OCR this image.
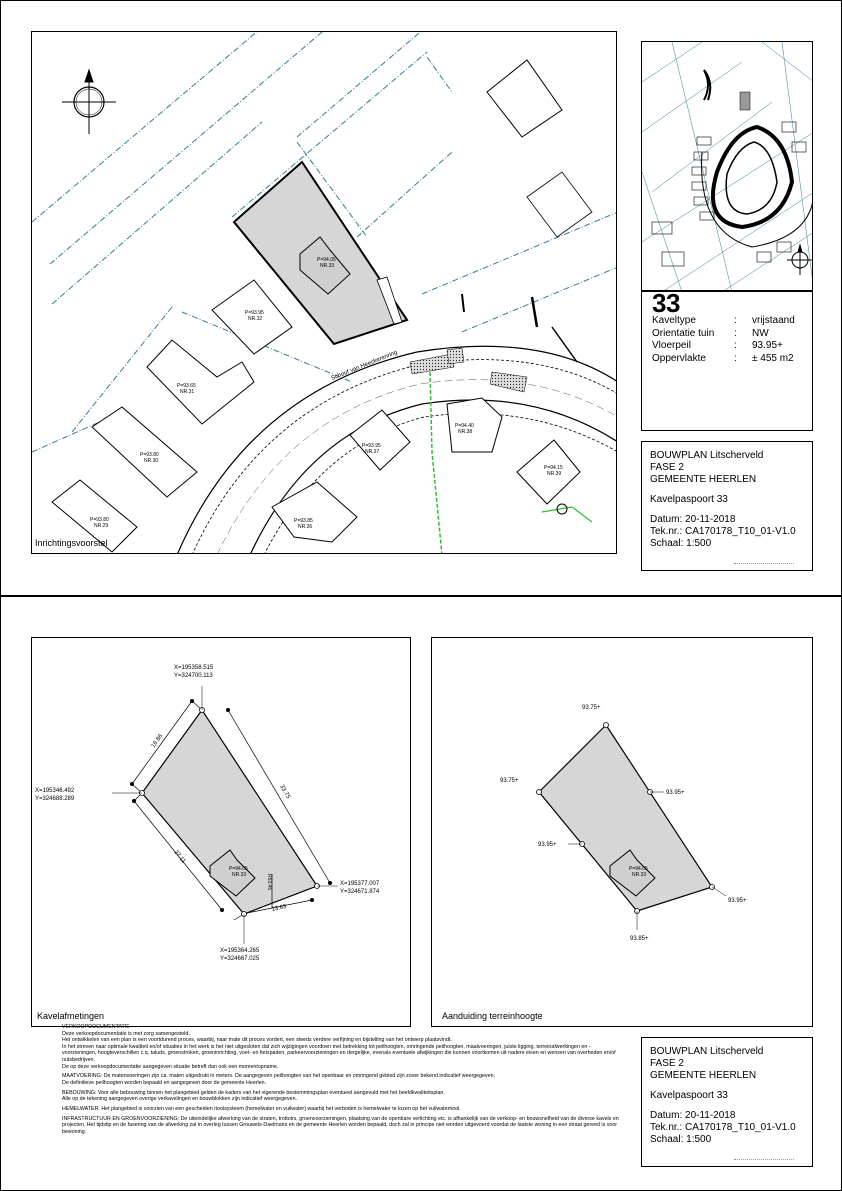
P=94.05
NR.33
P=93.95
NR.32
P=93.65
NR.31
P=93.80
NR.30
P=93.80
NR.29
Schouf van Heeckerenring
P=93.95
NR.37
P=94.40
NR.38
P=94.15
NR.39
P=93.85
NR.36
Inrichtingsvoorstel
33
Kaveltype	:	vrijstaand
Orientatie tuin	:	NW
Vloerpeil	:	93.95+
Oppervlakte	:	± 455 m2
BOUWPLAN Litscherveld
FASE 2
GEMEENTE HEERLEN
Kavelpaspoort 33
Datum: 20-11-2018
Tek.nr.: CA170178_T10_01-V1.0
Schaal: 1:500
P=94.05
NR.33
16.86
33.75
27.11
13.63
R53.45
X=195358.515
Y=324700.113
X=195346.492
Y=324688.289
X=195377.007
Y=324671.874
X=195364.265
Y=324667.025
Kavelafmetingen
P=94.05
NR.33
93.75+
93.75+
93.95+
93.95+
93.95+
93.85+
Aanduiding terreinhoogte
BOUWPLAN Litscherveld
FASE 2
GEMEENTE HEERLEN
Kavelpaspoort 33
Datum: 20-11-2018
Tek.nr.: CA170178_T10_01-V1.0
Schaal: 1:500

VERKOOPDOCUMENTATIE
Deze verkoopdocumentatie is met zorg samengesteld.
Het ontwikkelen van een plan is een voortdurend proces, waarbij, naar mate dit proces vordert, een steeds verdere verfijning en bijstelling van het ontwerp plaatsvindt.
In het streven naar optimale kwaliteit en/of situaties in het werk is het niet uitgesloten dat zich wijzigingen voordoen met betrekking tot peilhoogten, omringende peilhoogten, maatvoeringen, juiste ligging, terreinafwerkingen en -voorzieningen, hoogteverschillen c.q. taluds, groenstroken, groeninrichting, voet- en fietspaden, parkeervoorzieningen en dergelijke, evenals eventuele afwijkingen die kunnen voortkomen uit nadere eisen en wensen van overheden en/of nutsbedrijven.
De op deze verkoopdocumentatie aangegeven situatie betreft dan ook een momentopname.

MAATVOERING: De matenvoeringen zijn ca. maten uitgedrukt in meters. De aangegeven peilhoogten van het openbaar en omringend gebied zijn zover bekend indicatief weergegeven.
De definitieve peilhoogten worden bepaald en aangegeven door de gemeente Heerlen.

BEBOUWING: Voor alle bebouwing binnen het plangebied gelden de kaders van het vigerende bestemmingsplan eventueel aangevuld met het beeldkwaliteitsplan.
Alle op de tekening aangegeven overige verkavelingen en bouwblokken zijn indicatief weergegeven.

HEMELWATER: Het plangebied is voorzien van een gescheiden rioolsysteem (hemelwater en vuilwater) waarbij het verboden is hemelwater te lozen op het vuilwaterriool.

INFRASTRUCTUUR EN GROENVOORZIENING: De uiteindelijke afwerking van de straten, trottoirs, groenvoorzieningen, plaatsing van de openbare verlichting etc. is afhankelijk van de verkoop- en bouwsnelheid van de diverse kavels en projecten. Het tijdstip en de fasering van de afwerking zal in overleg tussen Grouwels-Daelmans en de gemeente Heerlen worden bepaald, doch zal in principe niet worden uitgevoerd voordat de laatste woning in een straat gereed is voor bewoning.
